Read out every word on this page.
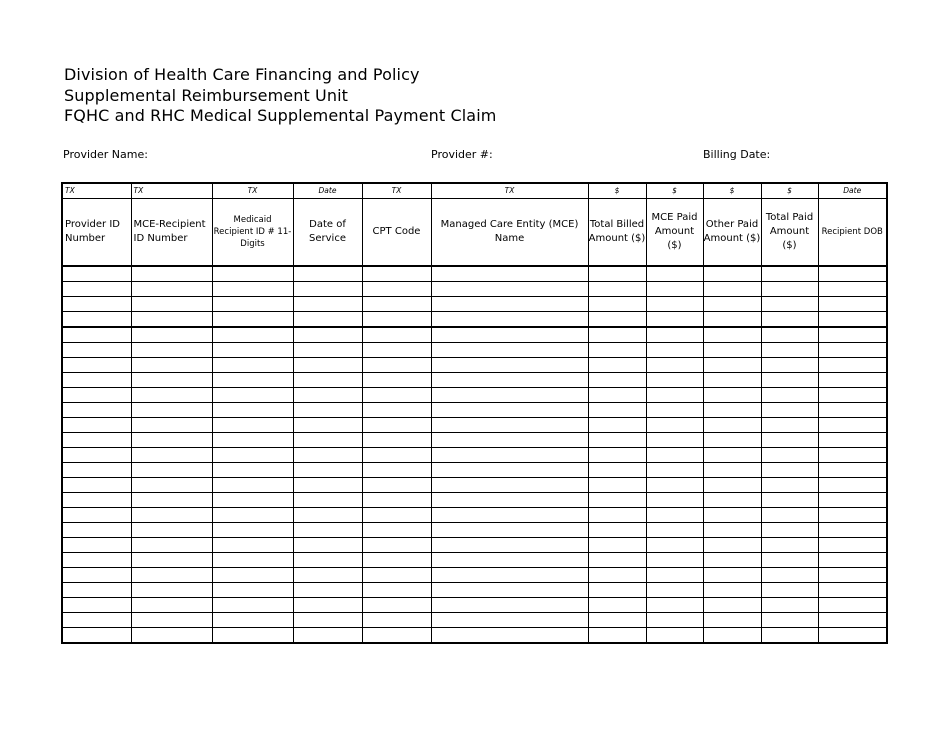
Division of Health Care Financing and Policy
Supplemental Reimbursement Unit
FQHC and RHC Medical Supplemental Payment Claim
Provider Name:	Provider #:	Billing Date:
TX	TX	TX	Date	TX	TX	$	$	$	$	Date
Provider ID Number	MCE-Recipient ID Number	Medicaid Recipient ID # 11-Digits	Date of Service	CPT Code	Managed Care Entity (MCE) Name	Total Billed Amount ($)	MCE Paid Amount ($)	Other Paid Amount ($)	Total Paid Amount ($)	Recipient DOB
